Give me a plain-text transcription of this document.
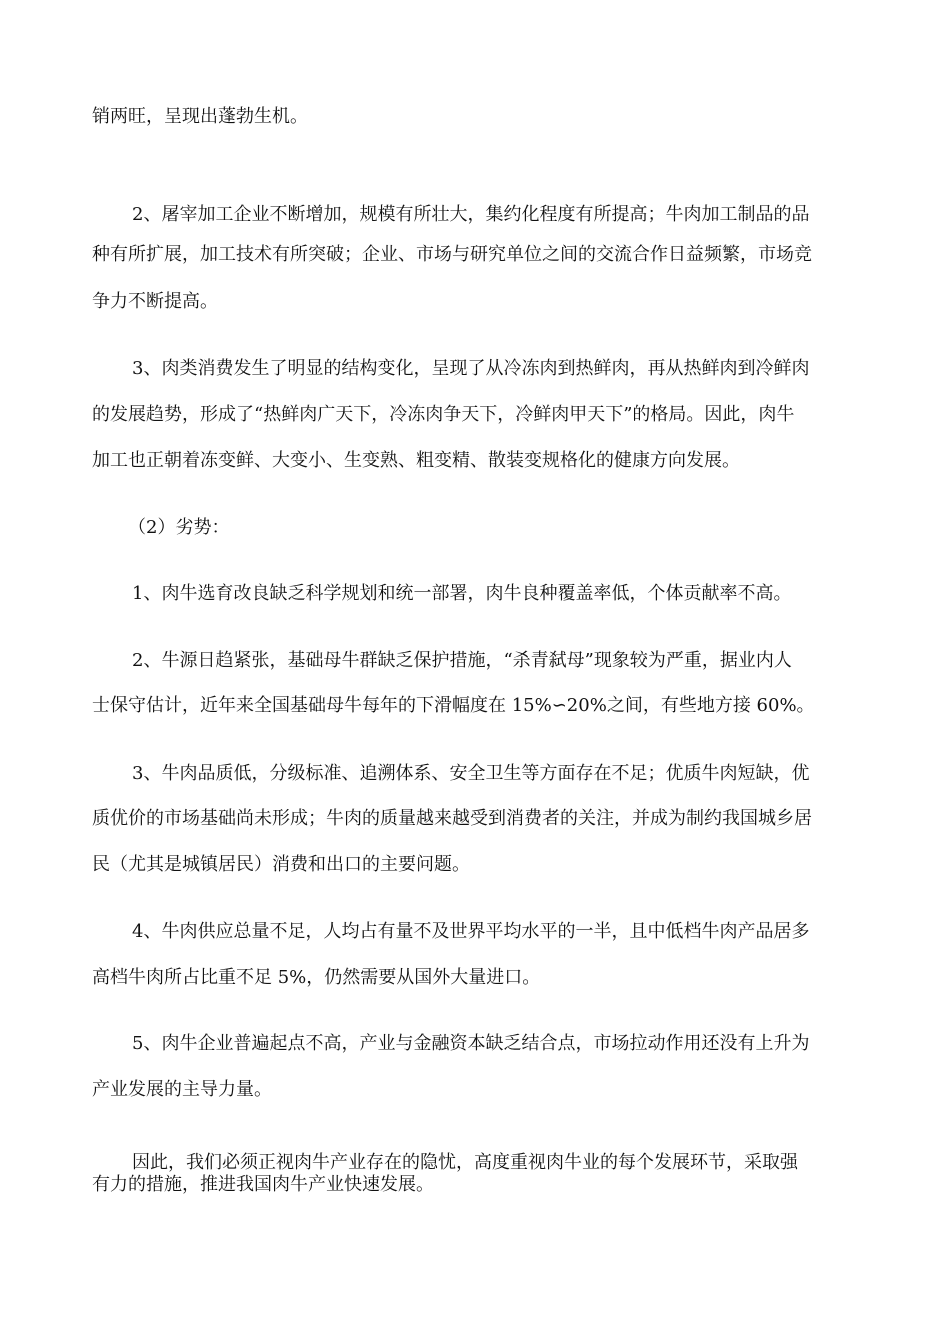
销两旺，呈现出蓬勃生机。
2、屠宰加工企业不断增加，规模有所壮大，集约化程度有所提高；牛肉加工制品的品
种有所扩展，加工技术有所突破；企业、市场与研究单位之间的交流合作日益频繁，市场竞
争力不断提高。
3、肉类消费发生了明显的结构变化，呈现了从冷冻肉到热鲜肉，再从热鲜肉到冷鲜肉
的发展趋势，形成了“热鲜肉广天下，冷冻肉争天下，冷鲜肉甲天下”的格局。因此，肉牛
加工也正朝着冻变鲜、大变小、生变熟、粗变精、散装变规格化的健康方向发展。
（2）劣势：
1、肉牛选育改良缺乏科学规划和统一部署，肉牛良种覆盖率低，个体贡献率不高。
2、牛源日趋紧张，基础母牛群缺乏保护措施，“杀青弑母”现象较为严重，据业内人
士保守估计，近年来全国基础母牛每年的下滑幅度在 15%∽20%之间，有些地方接 60%。
3、牛肉品质低，分级标准、追溯体系、安全卫生等方面存在不足；优质牛肉短缺，优
质优价的市场基础尚未形成；牛肉的质量越来越受到消费者的关注，并成为制约我国城乡居
民（尤其是城镇居民）消费和出口的主要问题。
4、牛肉供应总量不足，人均占有量不及世界平均水平的一半，且中低档牛肉产品居多
高档牛肉所占比重不足 5%，仍然需要从国外大量进口。
5、肉牛企业普遍起点不高，产业与金融资本缺乏结合点，市场拉动作用还没有上升为
产业发展的主导力量。
因此，我们必须正视肉牛产业存在的隐忧，高度重视肉牛业的每个发展环节，采取强
有力的措施，推进我国肉牛产业快速发展。
